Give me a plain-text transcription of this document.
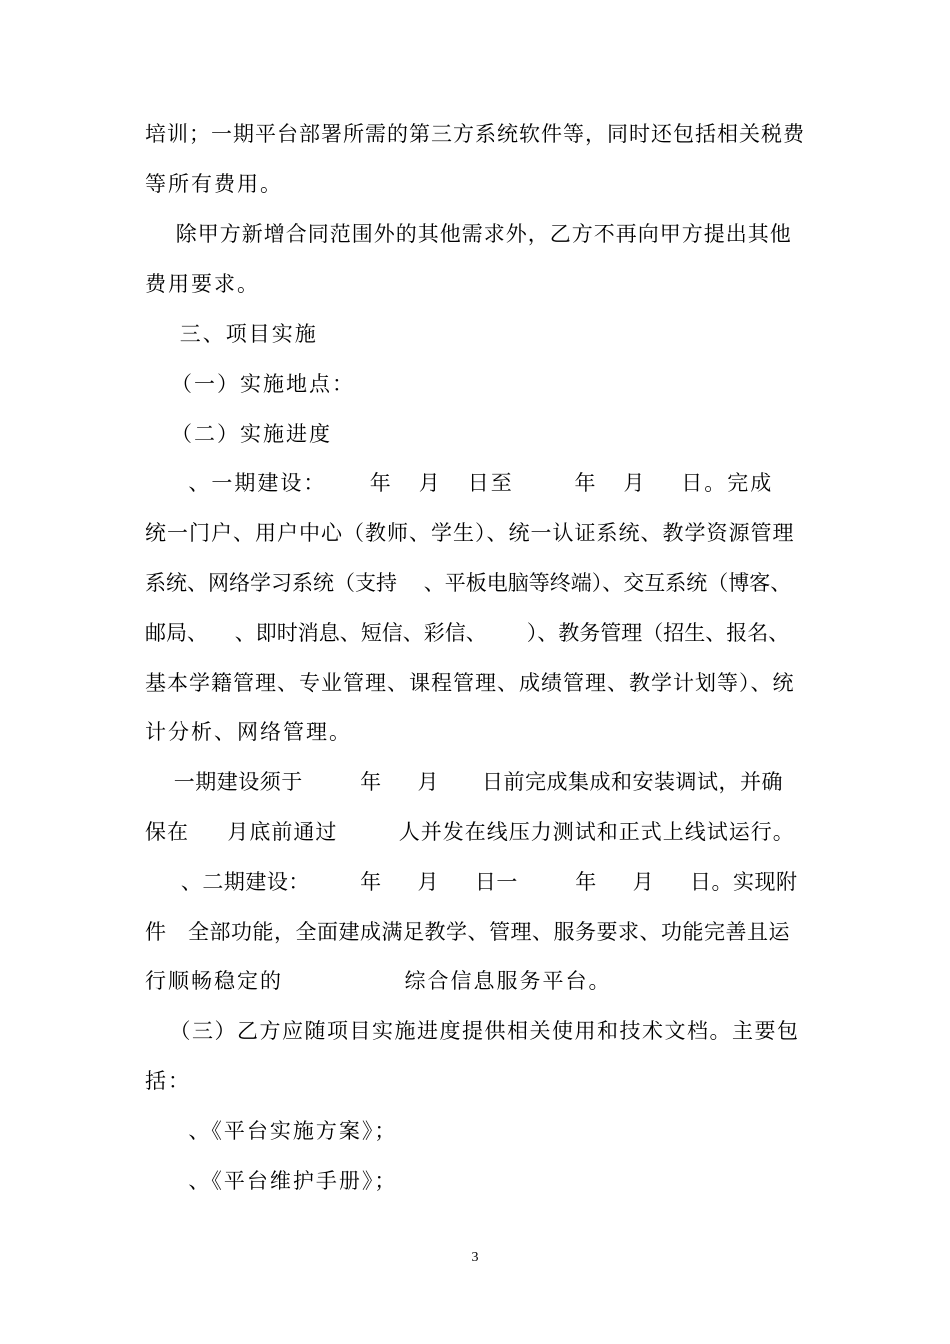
培训；一期平台部署所需的第三方系统软件等，同时还包括相关税费
等所有费用。
除甲方新增合同范围外的其他需求外，乙方不再向甲方提出其他
费用要求。
三、项目实施
（一）实施地点：
（二）实施进度
、一期建设：     年   月   日至       年   月    日。完成
统一门户、用户中心（教师、学生）、统一认证系统、教学资源管理
系统、网络学习系统（支持    、平板电脑等终端）、交互系统（博客、
邮局、    、即时消息、短信、彩信、      ）、教务管理（招生、报名、
基本学籍管理、专业管理、课程管理、成绩管理、教学计划等）、统
计分析、网络管理。
一期建设须于        年     月      日前完成集成和安装调试，并确
保在     月底前通过        人并发在线压力测试和正式上线试运行。
、二期建设：       年     月     日一        年     月     日。实现附
件   全部功能，全面建成满足教学、管理、服务要求、功能完善且运
行顺畅稳定的              综合信息服务平台。
（三）乙方应随项目实施进度提供相关使用和技术文档。主要包
括：
、《平台实施方案》；
、《平台维护手册》；
3
